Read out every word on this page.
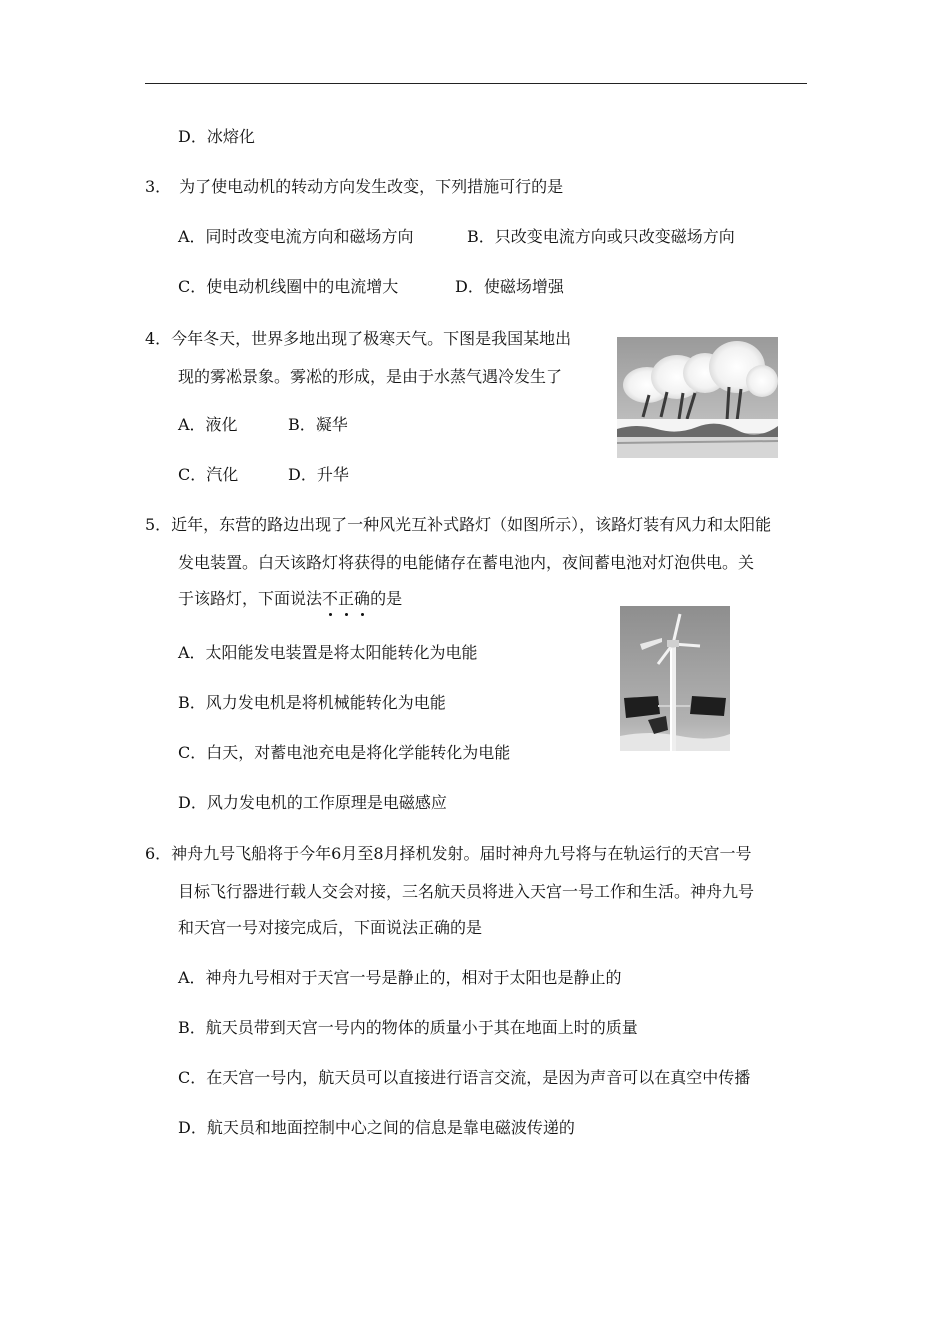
D．冰熔化
3．　为了使电动机的转动方向发生改变，下列措施可行的是
A．同时改变电流方向和磁场方向	B．只改变电流方向或只改变磁场方向
C．使电动机线圈中的电流增大	D．使磁场增强
4．今年冬天，世界多地出现了极寒天气。下图是我国某地出
现的雾凇景象。雾凇的形成，是由于水蒸气遇冷发生了
A．液化	B．凝华
C．汽化	D．升华
5．近年，东营的路边出现了一种风光互补式路灯（如图所示），该路灯装有风力和太阳能
发电装置。白天该路灯将获得的电能储存在蓄电池内，夜间蓄电池对灯泡供电。关
于该路灯，下面说法不正确的是
A．太阳能发电装置是将太阳能转化为电能
B．风力发电机是将机械能转化为电能
C．白天，对蓄电池充电是将化学能转化为电能
D．风力发电机的工作原理是电磁感应
6．神舟九号飞船将于今年6月至8月择机发射。届时神舟九号将与在轨运行的天宫一号
目标飞行器进行载人交会对接，三名航天员将进入天宫一号工作和生活。神舟九号
和天宫一号对接完成后，下面说法正确的是
A．神舟九号相对于天宫一号是静止的，相对于太阳也是静止的
B．航天员带到天宫一号内的物体的质量小于其在地面上时的质量
C．在天宫一号内，航天员可以直接进行语言交流，是因为声音可以在真空中传播
D．航天员和地面控制中心之间的信息是靠电磁波传递的
